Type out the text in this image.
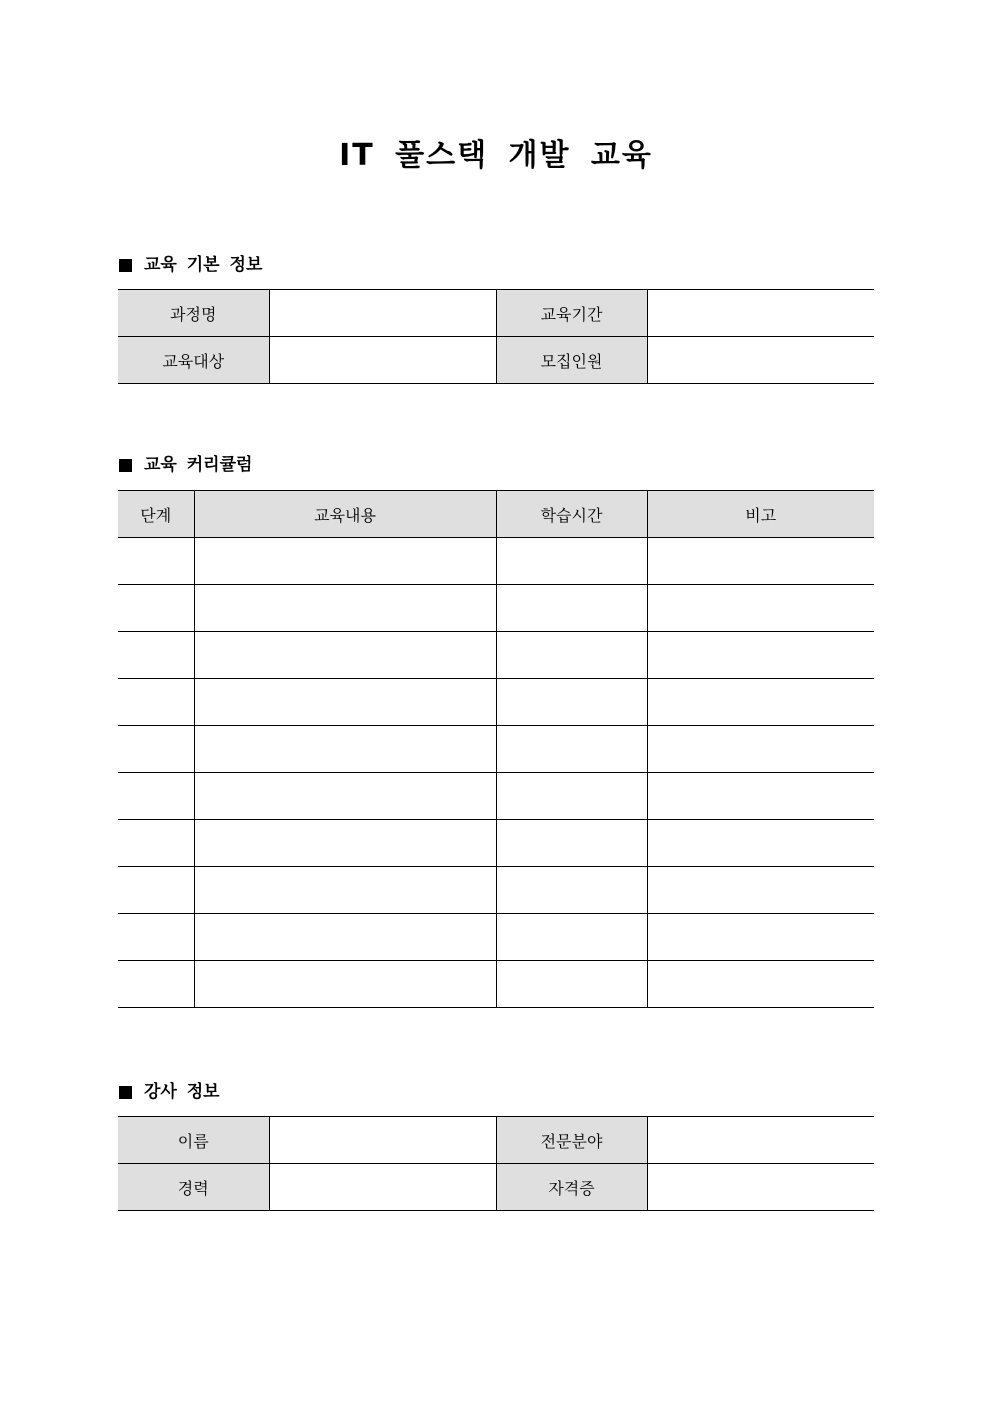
IT 풀스택 개발 교육
교육 기본 정보
과정명		교육기간	
교육대상		모집인원	
교육 커리큘럼
단계	교육내용	학습시간	비고

강사 정보
이름		전문분야	
경력		자격증	
